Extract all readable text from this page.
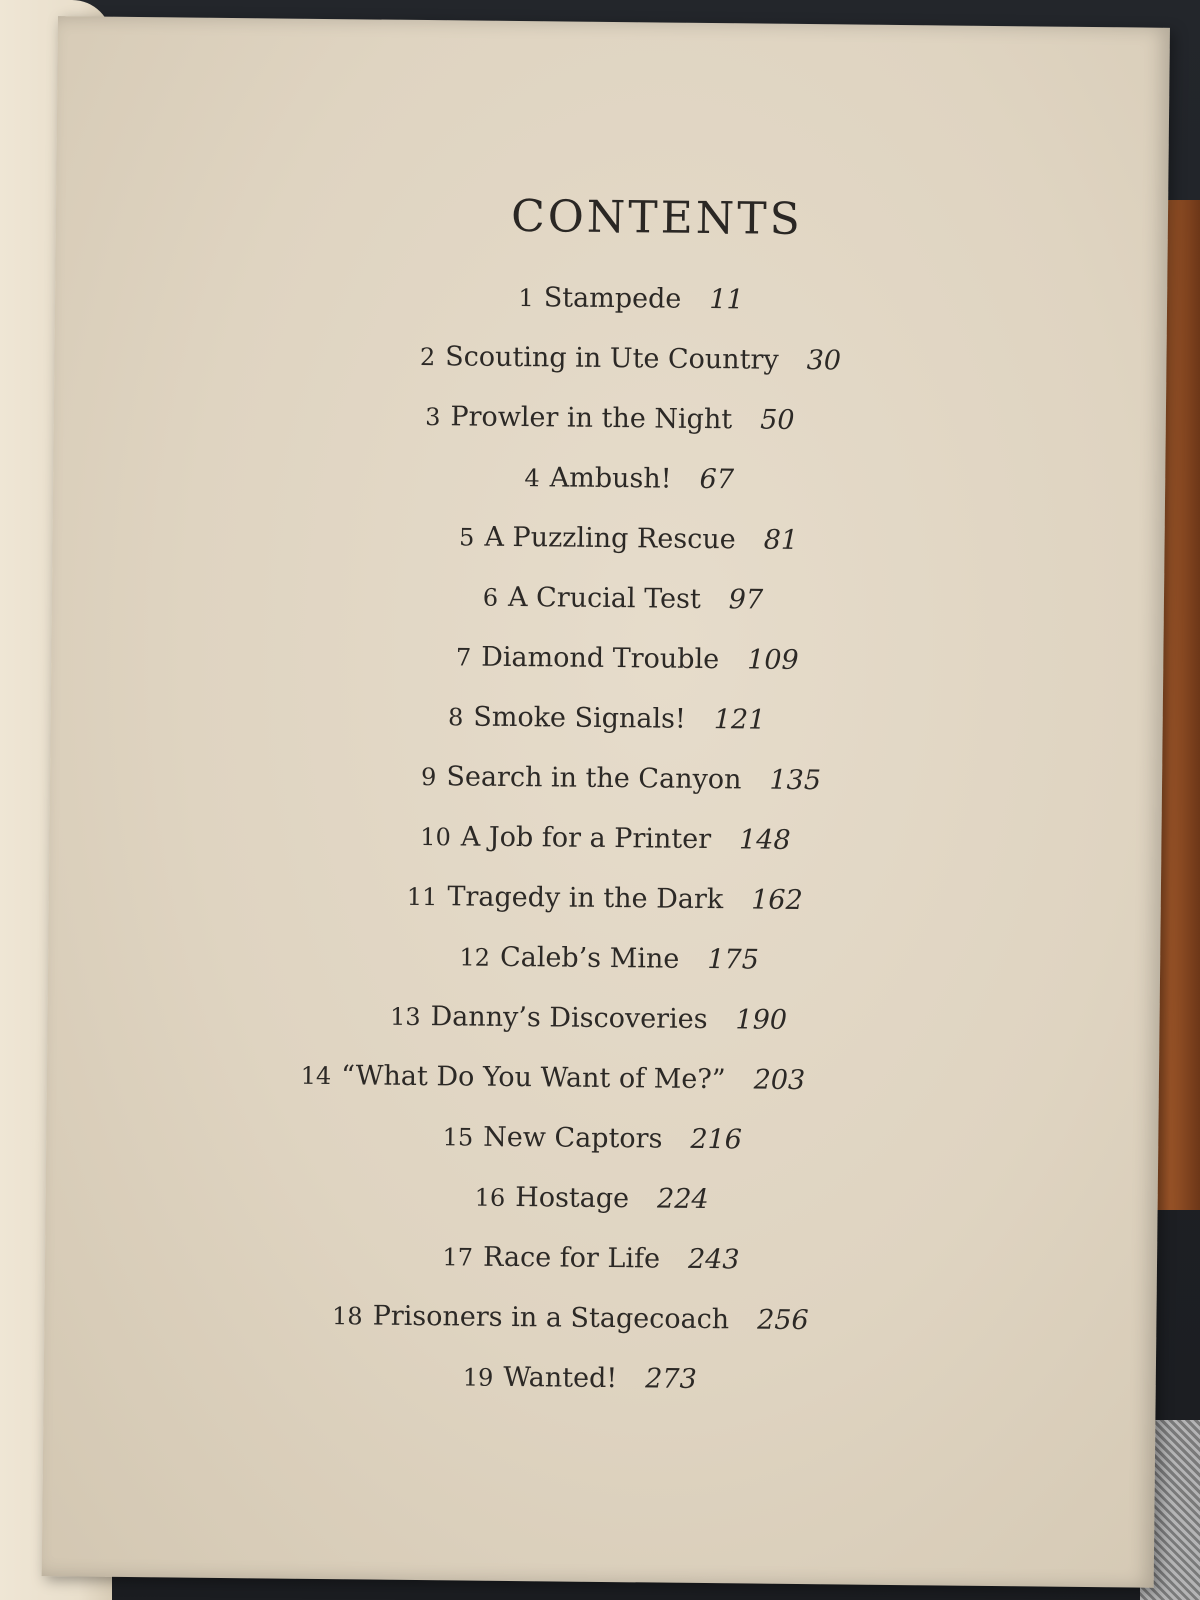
CONTENTS
1 Stampede 11
2 Scouting in Ute Country 30
3 Prowler in the Night 50
4 Ambush! 67
5 A Puzzling Rescue 81
6 A Crucial Test 97
7 Diamond Trouble 109
8 Smoke Signals! 121
9 Search in the Canyon 135
10 A Job for a Printer 148
11 Tragedy in the Dark 162
12 Caleb’s Mine 175
13 Danny’s Discoveries 190
14 “What Do You Want of Me?” 203
15 New Captors 216
16 Hostage 224
17 Race for Life 243
18 Prisoners in a Stagecoach 256
19 Wanted! 273
